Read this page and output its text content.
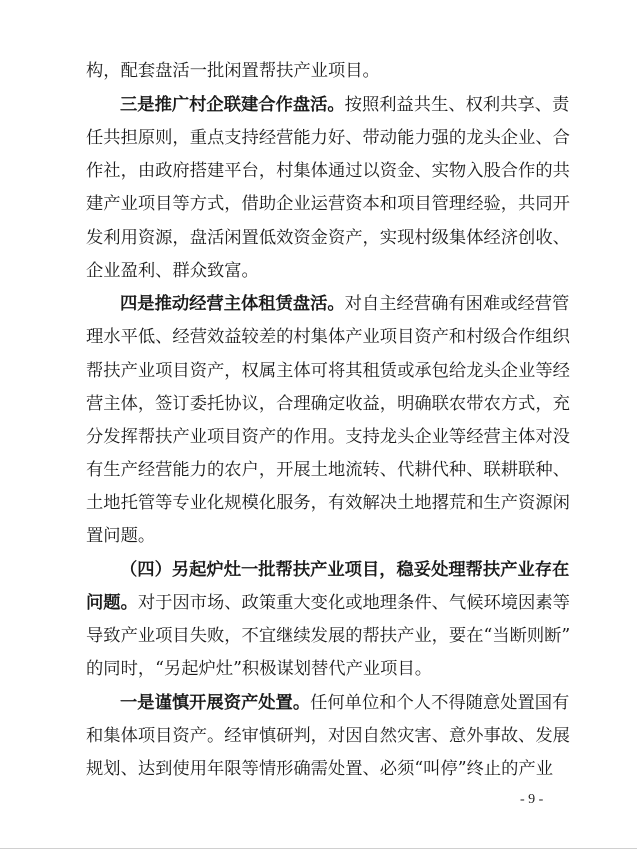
构，配套盘活一批闲置帮扶产业项目。
三是推广村企联建合作盘活。按照利益共生、权利共享、责
任共担原则，重点支持经营能力好、带动能力强的龙头企业、合
作社，由政府搭建平台，村集体通过以资金、实物入股合作的共
建产业项目等方式，借助企业运营资本和项目管理经验，共同开
发利用资源，盘活闲置低效资金资产，实现村级集体经济创收、
企业盈利、群众致富。
四是推动经营主体租赁盘活。对自主经营确有困难或经营管
理水平低、经营效益较差的村集体产业项目资产和村级合作组织
帮扶产业项目资产，权属主体可将其租赁或承包给龙头企业等经
营主体，签订委托协议，合理确定收益，明确联农带农方式，充
分发挥帮扶产业项目资产的作用。支持龙头企业等经营主体对没
有生产经营能力的农户，开展土地流转、代耕代种、联耕联种、
土地托管等专业化规模化服务，有效解决土地撂荒和生产资源闲
置问题。
（四）另起炉灶一批帮扶产业项目，稳妥处理帮扶产业存在
问题。对于因市场、政策重大变化或地理条件、气候环境因素等
导致产业项目失败，不宜继续发展的帮扶产业，要在“当断则断”
的同时，“另起炉灶”积极谋划替代产业项目。
一是谨慎开展资产处置。任何单位和个人不得随意处置国有
和集体项目资产。经审慎研判，对因自然灾害、意外事故、发展
规划、达到使用年限等情形确需处置、必须“叫停”终止的产业
- 9 -
